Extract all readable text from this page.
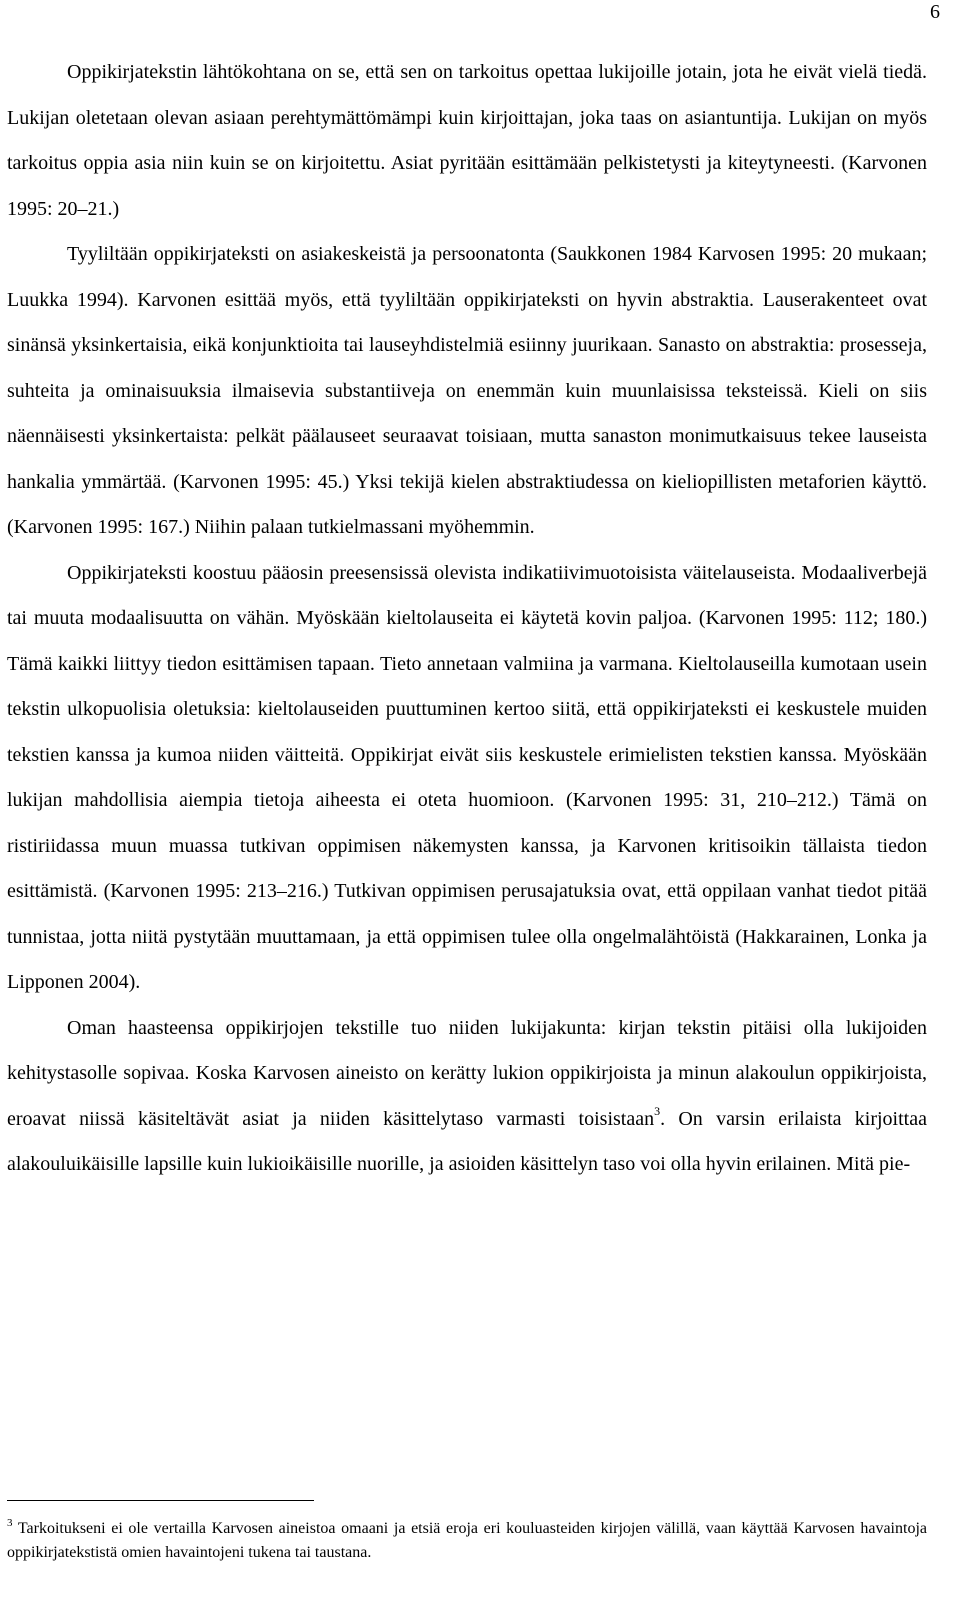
6

Oppikirjatekstin lähtökohtana on se, että sen on tarkoitus opettaa lukijoille jotain, jota he eivät vielä tiedä. Lukijan oletetaan olevan asiaan perehtymättömämpi kuin kirjoittajan, joka taas on asiantuntija. Lukijan on myös tarkoitus oppia asia niin kuin se on kirjoitettu. Asiat pyritään esittämään pelkistetysti ja kiteytyneesti. (Karvonen 1995: 20–21.)

Tyyliltään oppikirjateksti on asiakeskeistä ja persoonatonta (Saukkonen 1984 Karvosen 1995: 20 mukaan; Luukka 1994). Karvonen esittää myös, että tyyliltään oppikirjateksti on hyvin abstraktia. Lauserakenteet ovat sinänsä yksinkertaisia, eikä konjunktioita tai lauseyhdistelmiä esiinny juurikaan. Sanasto on abstraktia: prosesseja, suhteita ja ominaisuuksia ilmaisevia substantiiveja on enemmän kuin muunlaisissa teksteissä. Kieli on siis näennäisesti yksinkertaista: pelkät päälauseet seuraavat toisiaan, mutta sanaston monimutkaisuus tekee lauseista hankalia ymmärtää. (Karvonen 1995: 45.) Yksi tekijä kielen abstraktiudessa on kieliopillisten metaforien käyttö. (Karvonen 1995: 167.) Niihin palaan tutkielmassani myöhemmin.

Oppikirjateksti koostuu pääosin preesensissä olevista indikatiivimuotoisista väitelauseista. Modaaliverbejä tai muuta modaalisuutta on vähän. Myöskään kieltolauseita ei käytetä kovin paljoa. (Karvonen 1995: 112; 180.) Tämä kaikki liittyy tiedon esittämisen tapaan. Tieto annetaan valmiina ja varmana. Kieltolauseilla kumotaan usein tekstin ulkopuolisia oletuksia: kieltolauseiden puuttuminen kertoo siitä, että oppikirjateksti ei keskustele muiden tekstien kanssa ja kumoa niiden väitteitä. Oppikirjat eivät siis keskustele erimielisten tekstien kanssa. Myöskään lukijan mahdollisia aiempia tietoja aiheesta ei oteta huomioon. (Karvonen 1995: 31, 210–212.) Tämä on ristiriidassa muun muassa tutkivan oppimisen näkemysten kanssa, ja Karvonen kritisoikin tällaista tiedon esittämistä. (Karvonen 1995: 213–216.) Tutkivan oppimisen perusajatuksia ovat, että oppilaan vanhat tiedot pitää tunnistaa, jotta niitä pystytään muuttamaan, ja että oppimisen tulee olla ongelmalähtöistä (Hakkarainen, Lonka ja Lipponen 2004).

Oman haasteensa oppikirjojen tekstille tuo niiden lukijakunta: kirjan tekstin pitäisi olla lukijoiden kehitystasolle sopivaa. Koska Karvosen aineisto on kerätty lukion oppikirjoista ja minun alakoulun oppikirjoista, eroavat niissä käsiteltävät asiat ja niiden käsittelytaso varmasti toisistaan$^3$. On varsin erilaista kirjoittaa alakouluikäisille lapsille kuin lukioikäisille nuorille, ja asioiden käsittelyn taso voi olla hyvin erilainen. Mitä pie-

$^3$ Tarkoitukseni ei ole vertailla Karvosen aineistoa omaani ja etsiä eroja eri kouluasteiden kirjojen välillä, vaan käyttää Karvosen havaintoja oppikirjatekstistä omien havaintojeni tukena tai taustana.
